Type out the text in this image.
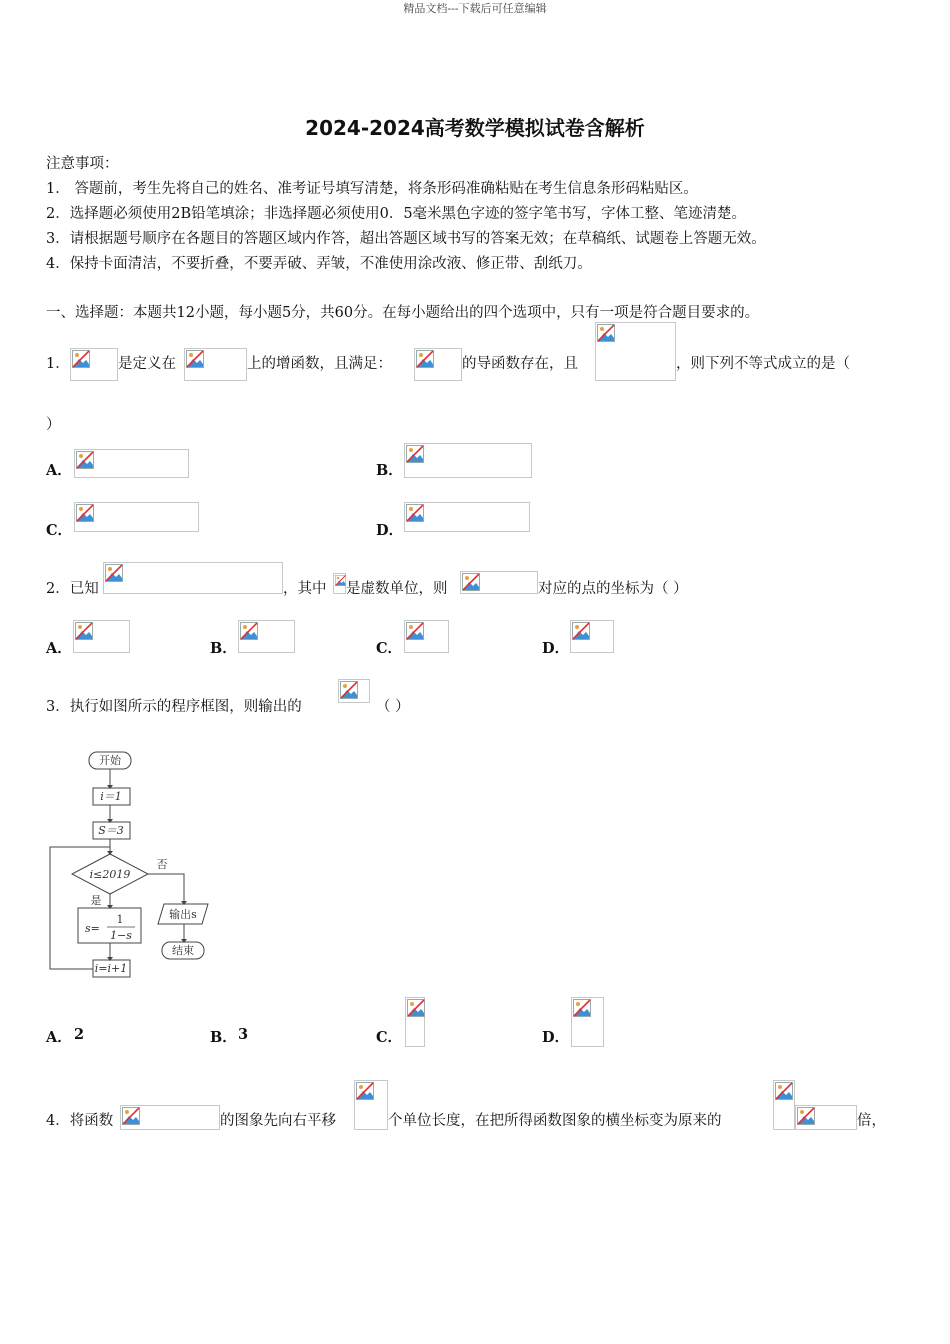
精品文档---下载后可任意编辑
2024-2024高考数学模拟试卷含解析
注意事项：
1． 答题前，考生先将自己的姓名、准考证号填写清楚，将条形码准确粘贴在考生信息条形码粘贴区。
2．选择题必须使用2B铅笔填涂；非选择题必须使用0．5毫米黑色字迹的签字笔书写，字体工整、笔迹清楚。
3．请根据题号顺序在各题目的答题区域内作答，超出答题区域书写的答案无效；在草稿纸、试题卷上答题无效。
4．保持卡面清洁，不要折叠，不要弄破、弄皱，不准使用涂改液、修正带、刮纸刀。
一、选择题：本题共12小题，每小题5分，共60分。在每小题给出的四个选项中，只有一项是符合题目要求的。
1．	是定义在	上的增函数，且满足：	的导函数存在，且	，则下列不等式成立的是（
）
A．	B．
C．	D．
2．已知	，其中 是虚数单位，则	对应的点的坐标为（ ）
A．	B．	C．	D．
3．执行如图所示的程序框图，则输出的	（ ）
开始
i＝1
S＝3
i≤2019
是
否
s=
1
1−s
输出s
结束
i=i+1
A． 2	B． 3	C．	D．
4．将函数	的图象先向右平移	个单位长度，在把所得函数图象的横坐标变为原来的	倍，
